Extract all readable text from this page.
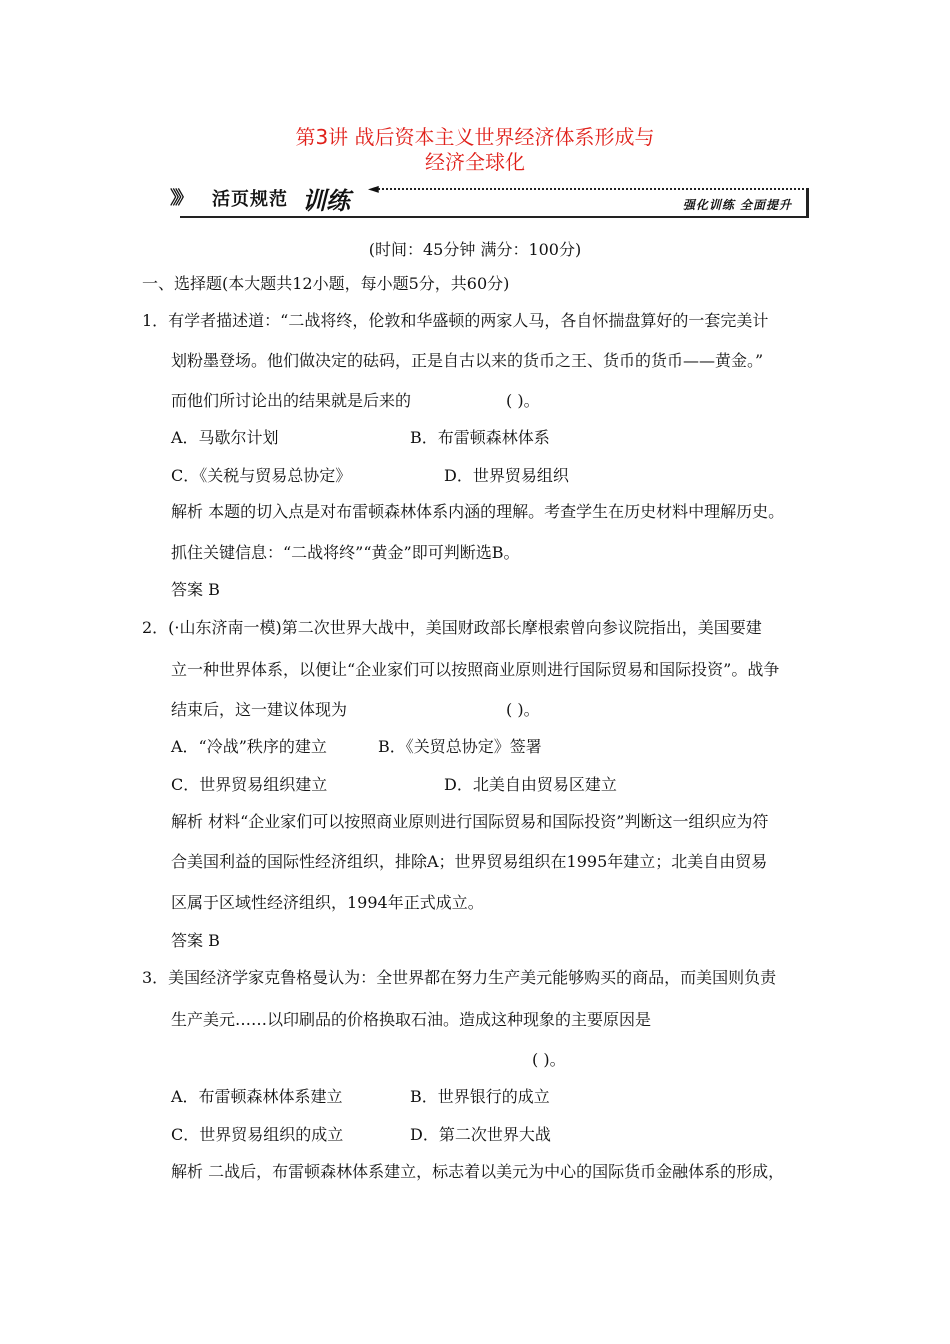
第3讲 战后资本主义世界经济体系形成与
经济全球化
》》 活页规范 训练 ◄
强化训练 全面提升
(时间：45分钟 满分：100分)
一、选择题(本大题共12小题，每小题5分，共60分)
1．有学者描述道：“二战将终，伦敦和华盛顿的两家人马，各自怀揣盘算好的一套完美计
划粉墨登场。他们做决定的砝码，正是自古以来的货币之王、货币的货币——黄金。”
而他们所讨论出的结果就是后来的	( )。
A．马歇尔计划	B．布雷顿森林体系
C．《关税与贸易总协定》	D．世界贸易组织
解析 本题的切入点是对布雷顿森林体系内涵的理解。考查学生在历史材料中理解历史。
抓住关键信息：“二战将终”“黄金”即可判断选B。
答案 B
2．(·山东济南一模)第二次世界大战中，美国财政部长摩根索曾向参议院指出，美国要建
立一种世界体系，以便让“企业家们可以按照商业原则进行国际贸易和国际投资”。战争
结束后，这一建议体现为	( )。
A．“冷战”秩序的建立	B．《关贸总协定》签署
C．世界贸易组织建立	D．北美自由贸易区建立
解析 材料“企业家们可以按照商业原则进行国际贸易和国际投资”判断这一组织应为符
合美国利益的国际性经济组织，排除A；世界贸易组织在1995年建立；北美自由贸易
区属于区域性经济组织，1994年正式成立。
答案 B
3．美国经济学家克鲁格曼认为：全世界都在努力生产美元能够购买的商品，而美国则负责
生产美元……以印刷品的价格换取石油。造成这种现象的主要原因是
( )。
A．布雷顿森林体系建立	B．世界银行的成立
C．世界贸易组织的成立	D．第二次世界大战
解析 二战后，布雷顿森林体系建立，标志着以美元为中心的国际货币金融体系的形成，
